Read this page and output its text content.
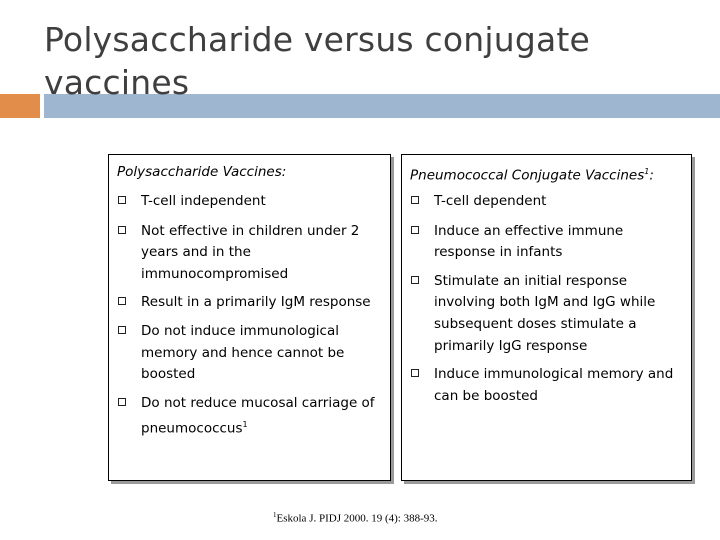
Polysaccharide versus conjugate vaccines
Polysaccharide Vaccines:
T-cell independent
Not effective in children under 2 years and in the immunocompromised
Result in a primarily IgM response
Do not induce immunological memory and hence cannot be boosted
Do not reduce mucosal carriage of pneumococcus$^1$
Pneumococcal Conjugate Vaccines$^1$:
T-cell dependent
Induce an effective immune response in infants
Stimulate an initial response involving both IgM and IgG while subsequent doses stimulate a primarily IgG response
Induce immunological memory and can be boosted
$^1$Eskola J. PIDJ 2000. 19 (4): 388-93.
